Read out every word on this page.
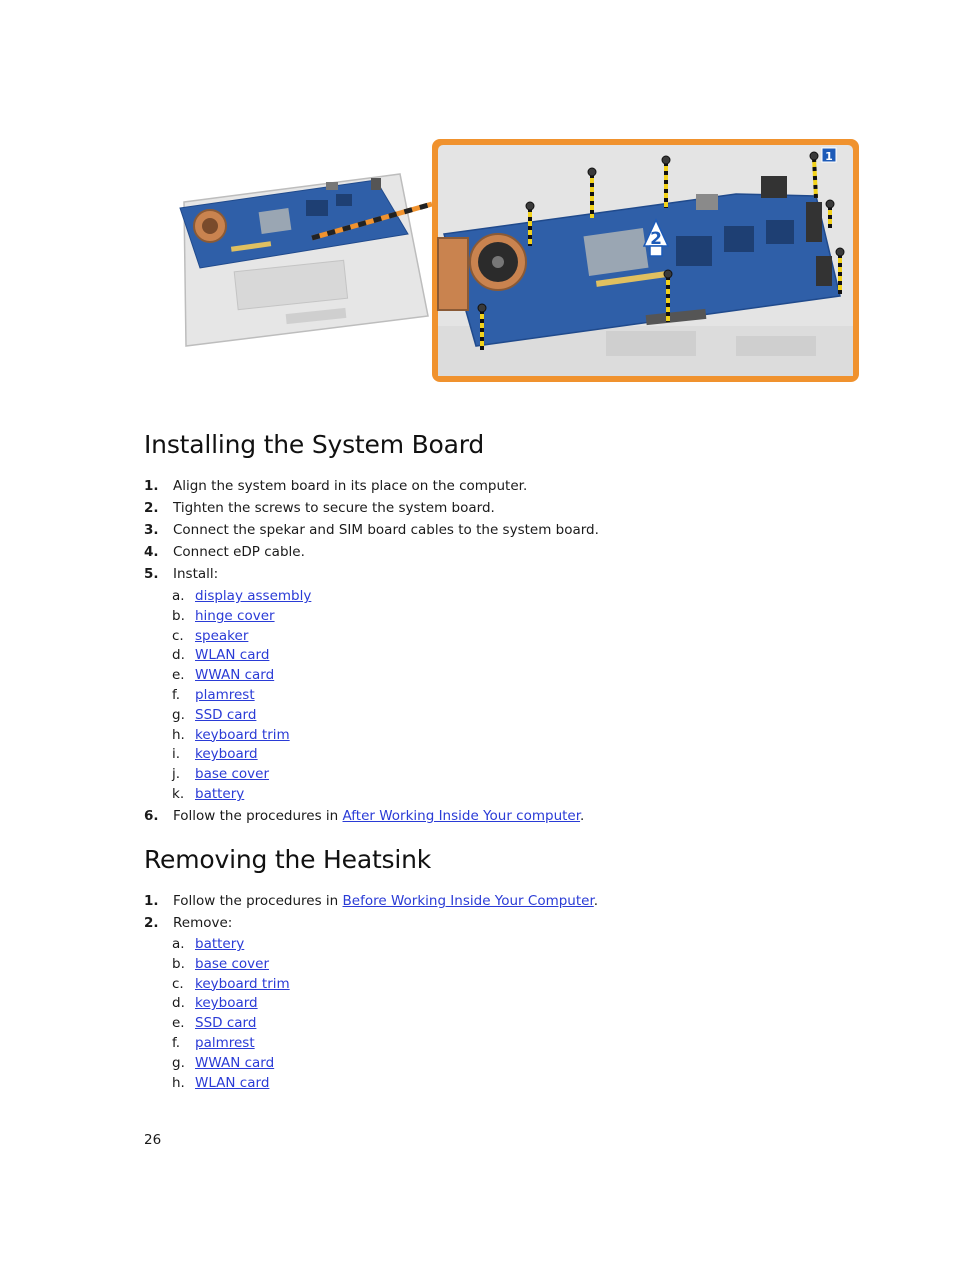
1
2
Installing the System Board
1. Align the system board in its place on the computer.
2. Tighten the screws to secure the system board.
3. Connect the spekar and SIM board cables to the system board.
4. Connect eDP cable.
5. Install:
a. display assembly
b. hinge cover
c. speaker
d. WLAN card
e. WWAN card
f. plamrest
g. SSD card
h. keyboard trim
i. keyboard
j. base cover
k. battery
6. Follow the procedures in After Working Inside Your computer.
Removing the Heatsink
1. Follow the procedures in Before Working Inside Your Computer.
2. Remove:
a. battery
b. base cover
c. keyboard trim
d. keyboard
e. SSD card
f. palmrest
g. WWAN card
h. WLAN card
26
